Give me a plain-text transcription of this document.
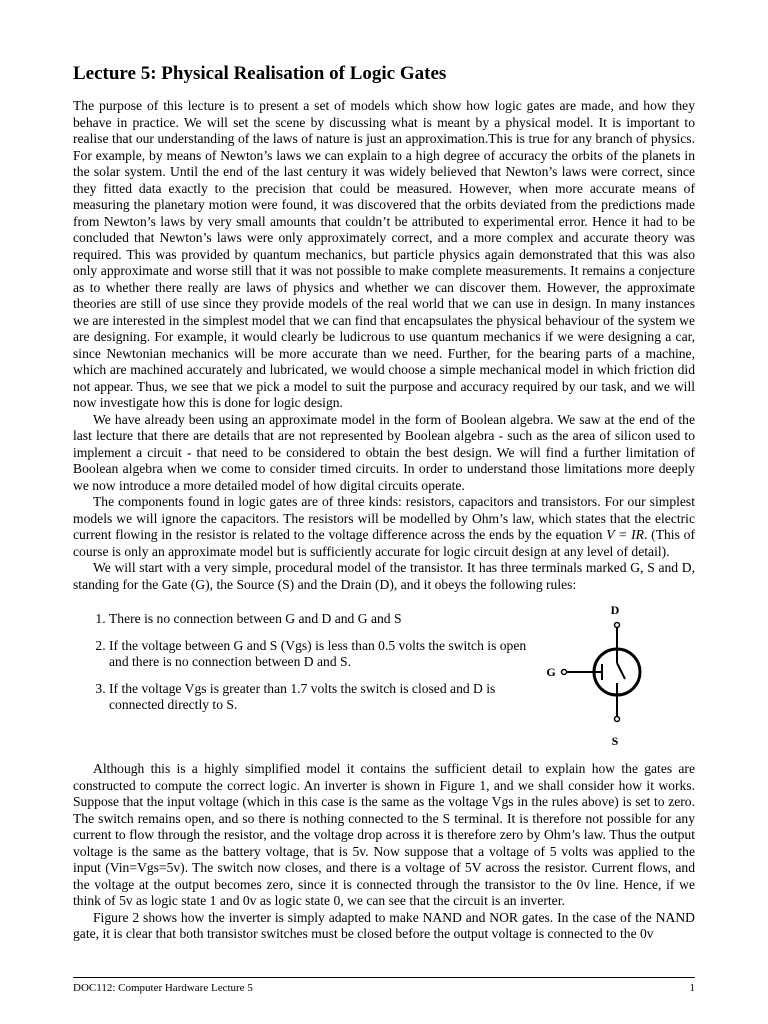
Lecture 5: Physical Realisation of Logic Gates

The purpose of this lecture is to present a set of models which show how logic gates are made, and how they behave in practice. We will set the scene by discussing what is meant by a physical model. It is important to realise that our understanding of the laws of nature is just an approximation.This is true for any branch of physics. For example, by means of Newton’s laws we can explain to a high degree of accuracy the orbits of the planets in the solar system. Until the end of the last century it was widely believed that Newton’s laws were correct, since they fitted data exactly to the precision that could be measured. However, when more accurate means of measuring the planetary motion were found, it was discovered that the orbits deviated from the predictions made from Newton’s laws by very small amounts that couldn’t be attributed to experimental error. Hence it had to be concluded that Newton’s laws were only approximately correct, and a more complex and accurate theory was required. This was provided by quantum mechanics, but particle physics again demonstrated that this was also only approximate and worse still that it was not possible to make complete measurements. It remains a conjecture as to whether there really are laws of physics and whether we can discover them. However, the approximate theories are still of use since they provide models of the real world that we can use in design. In many instances we are interested in the simplest model that we can find that encapsulates the physical behaviour of the system we are designing. For example, it would clearly be ludicrous to use quantum mechanics if we were designing a car, since Newtonian mechanics will be more accurate than we need. Further, for the bearing parts of a machine, which are machined accurately and lubricated, we would choose a simple mechanical model in which friction did not appear. Thus, we see that we pick a model to suit the purpose and accuracy required by our task, and we will now investigate how this is done for logic design.

We have already been using an approximate model in the form of Boolean algebra. We saw at the end of the last lecture that there are details that are not represented by Boolean algebra - such as the area of silicon used to implement a circuit - that need to be considered to obtain the best design. We will find a further limitation of Boolean algebra when we come to consider timed circuits. In order to understand those limitations more deeply we now introduce a more detailed model of how digital circuits operate.

The components found in logic gates are of three kinds: resistors, capacitors and transistors. For our simplest models we will ignore the capacitors. The resistors will be modelled by Ohm’s law, which states that the electric current flowing in the resistor is related to the voltage difference across the ends by the equation V = IR. (This of course is only an approximate model but is sufficiently accurate for logic circuit design at any level of detail).

We will start with a very simple, procedural model of the transistor. It has three terminals marked G, S and D, standing for the Gate (G), the Source (S) and the Drain (D), and it obeys the following rules:

1. There is no connection between G and D and G and S
2. If the voltage between G and S (Vgs) is less than 0.5 volts the switch is open and there is no connection between D and S.
3. If the voltage Vgs is greater than 1.7 volts the switch is closed and D is connected directly to S.
D
G
S

Although this is a highly simplified model it contains the sufficient detail to explain how the gates are constructed to compute the correct logic. An inverter is shown in Figure 1, and we shall consider how it works. Suppose that the input voltage (which in this case is the same as the voltage Vgs in the rules above) is set to zero. The switch remains open, and so there is nothing connected to the S terminal. It is therefore not possible for any current to flow through the resistor, and the voltage drop across it is therefore zero by Ohm’s law. Thus the output voltage is the same as the battery voltage, that is 5v. Now suppose that a voltage of 5 volts was applied to the input (Vin=Vgs=5v). The switch now closes, and there is a voltage of 5V across the resistor. Current flows, and the voltage at the output becomes zero, since it is connected through the transistor to the 0v line. Hence, if we think of 5v as logic state 1 and 0v as logic state 0, we can see that the circuit is an inverter.

Figure 2 shows how the inverter is simply adapted to make NAND and NOR gates. In the case of the NAND gate, it is clear that both transistor switches must be closed before the output voltage is connected to the 0v

DOC112: Computer Hardware Lecture 5	1
